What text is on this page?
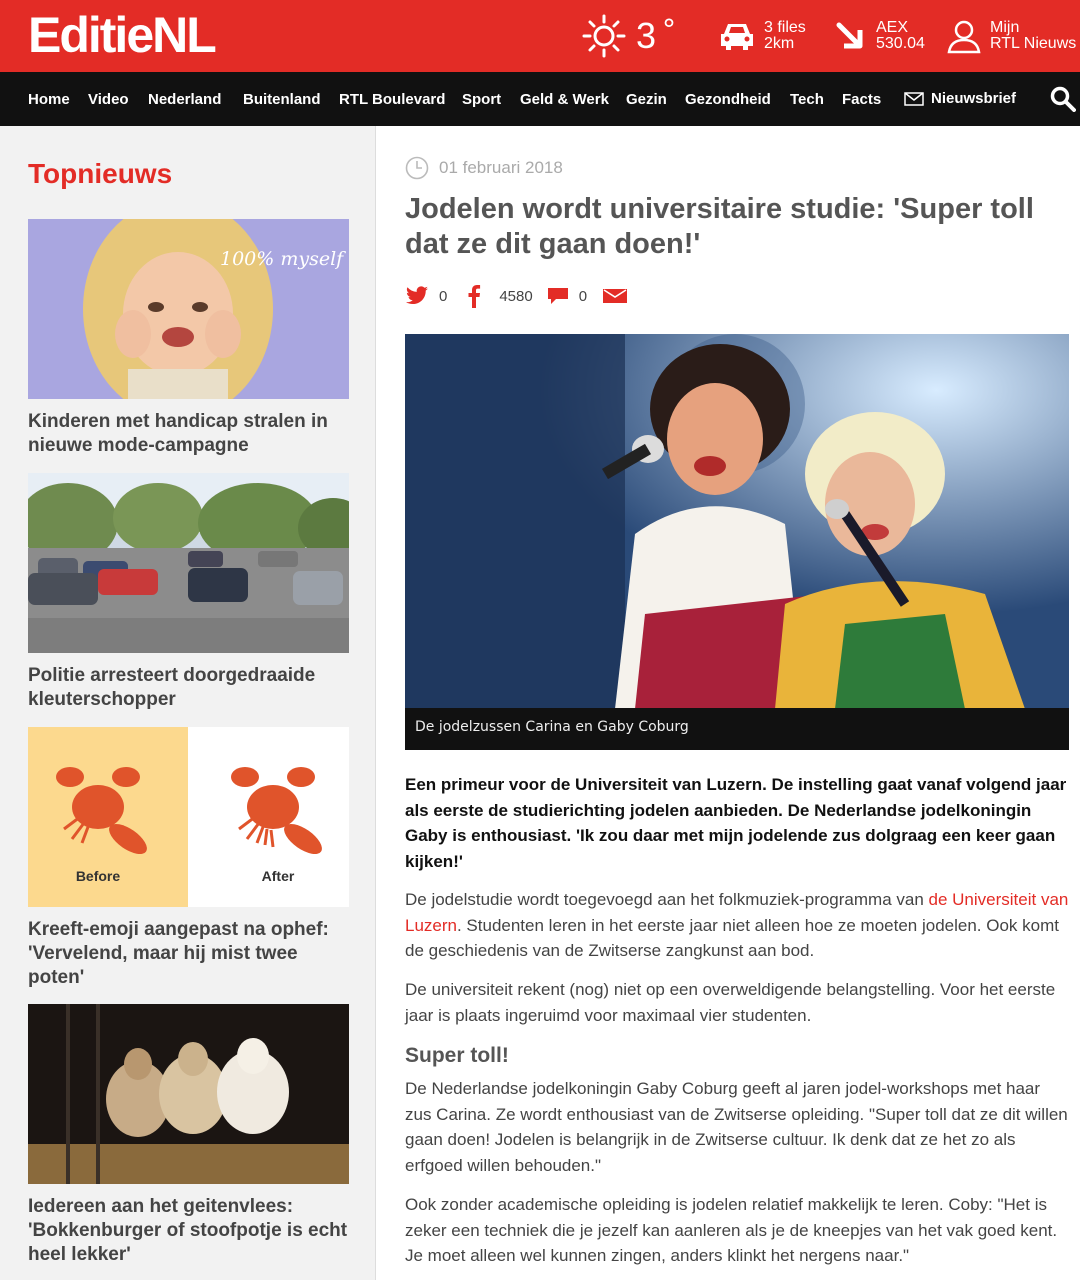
EditieNL	3 °	3 files
2km
AEX
530.04
Mijn
RTL Nieuws
Home Video Nederland Buitenland RTL Boulevard Sport Geld & Werk Gezin Gezondheid Tech Facts	Nieuwsbrief
Topnieuws
100% myself
Kinderen met handicap stralen in nieuwe mode-campagne
Politie arresteert doorgedraaide kleuterschopper
Before	After
Kreeft-emoji aangepast na ophef: 'Vervelend, maar hij mist twee poten'
Iedereen aan het geitenvlees: 'Bokkenburger of stoofpotje is echt heel lekker'
01 februari 2018
Jodelen wordt universitaire studie: 'Super toll dat ze dit gaan doen!'
0	4580	0
De jodelzussen Carina en Gaby Coburg

Een primeur voor de Universiteit van Luzern. De instelling gaat vanaf volgend jaar als eerste de studierichting jodelen aanbieden. De Nederlandse jodelkoningin Gaby is enthousiast. 'Ik zou daar met mijn jodelende zus dolgraag een keer gaan kijken!'

De jodelstudie wordt toegevoegd aan het folkmuziek-programma van de Universiteit van Luzern. Studenten leren in het eerste jaar niet alleen hoe ze moeten jodelen. Ook komt de geschiedenis van de Zwitserse zangkunst aan bod.

De universiteit rekent (nog) niet op een overweldigende belangstelling. Voor het eerste jaar is plaats ingeruimd voor maximaal vier studenten.

Super toll!

De Nederlandse jodelkoningin Gaby Coburg geeft al jaren jodel-workshops met haar zus Carina. Ze wordt enthousiast van de Zwitserse opleiding. "Super toll dat ze dit willen gaan doen! Jodelen is belangrijk in de Zwitserse cultuur. Ik denk dat ze het zo als erfgoed willen behouden."

Ook zonder academische opleiding is jodelen relatief makkelijk te leren. Coby: "Het is zeker een techniek die je jezelf kan aanleren als je de kneepjes van het vak goed kent. Je moet alleen wel kunnen zingen, anders klinkt het nergens naar."
